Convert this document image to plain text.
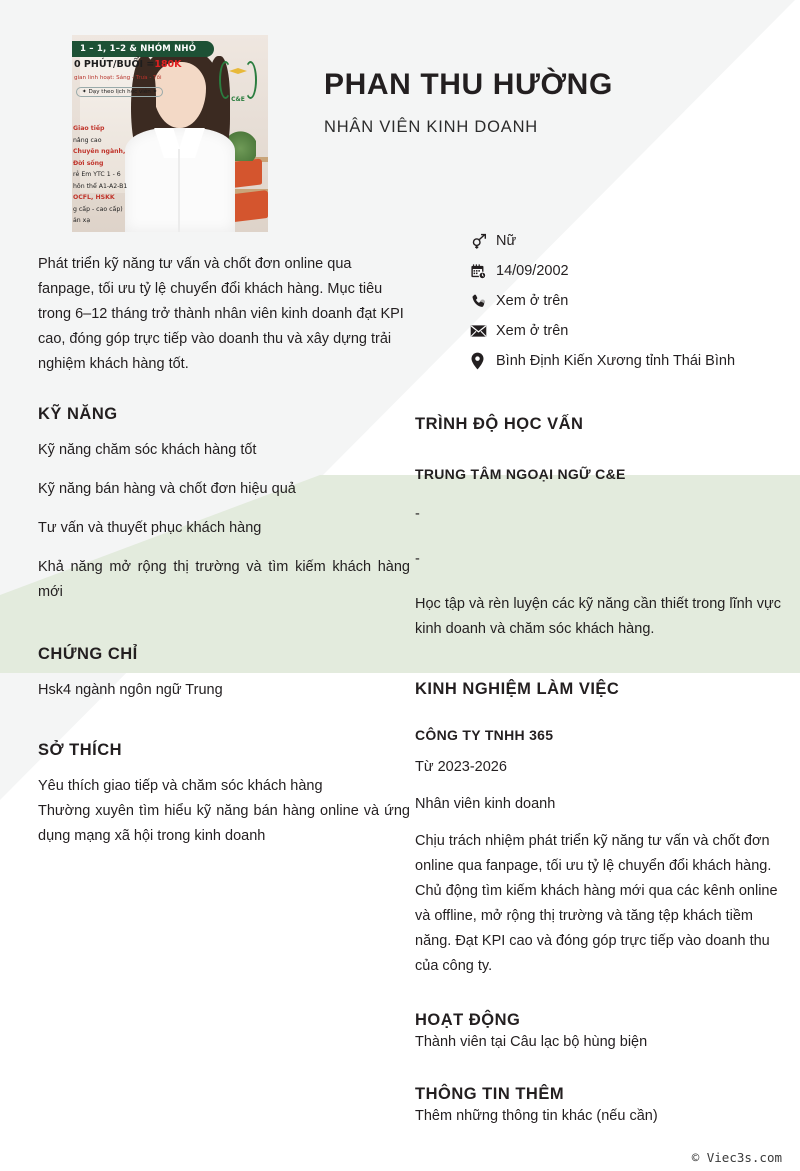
1 – 1, 1–2 & NHÓM NHỎ
0 PHÚT/BUỔI =180K
gian linh hoạt: Sáng - Trưa - Tối
✦ Dạy theo lịch học viên ✦
Giao tiếp
nâng cao
Chuyên ngành,
Đời sống
rẻ Em YTC 1 - 6
hôn thể A1-A2-B1
OCFL, HSKK
g cấp - cao cấp)
ản xạ
C&E	PHAN THU HƯỜNG
NHÂN VIÊN KINH DOANH
Nữ
14/09/2002
Xem ở trên
Xem ở trên
Bình Định Kiến Xương tỉnh Thái Bình
Phát triển kỹ năng tư vấn và chốt đơn online qua fanpage, tối ưu tỷ lệ chuyển đổi khách hàng. Mục tiêu trong 6–12 tháng trở thành nhân viên kinh doanh đạt KPI cao, đóng góp trực tiếp vào doanh thu và xây dựng trải nghiệm khách hàng tốt.
KỸ NĂNG
Kỹ năng chăm sóc khách hàng tốt
Kỹ năng bán hàng và chốt đơn hiệu quả
Tư vấn và thuyết phục khách hàng
Khả năng mở rộng thị trường và tìm kiếm khách hàng mới
CHỨNG CHỈ
Hsk4 ngành ngôn ngữ Trung
SỞ THÍCH
Yêu thích giao tiếp và chăm sóc khách hàng
Thường xuyên tìm hiểu kỹ năng bán hàng online và ứng dụng mạng xã hội trong kinh doanh
TRÌNH ĐỘ HỌC VẤN
TRUNG TÂM NGOẠI NGỮ C&E
-
-
Học tập và rèn luyện các kỹ năng cần thiết trong lĩnh vực kinh doanh và chăm sóc khách hàng.
KINH NGHIỆM LÀM VIỆC
CÔNG TY TNHH 365
Từ 2023-2026
Nhân viên kinh doanh
Chịu trách nhiệm phát triển kỹ năng tư vấn và chốt đơn online qua fanpage, tối ưu tỷ lệ chuyển đổi khách hàng. Chủ động tìm kiếm khách hàng mới qua các kênh online và offline, mở rộng thị trường và tăng tệp khách tiềm năng. Đạt KPI cao và đóng góp trực tiếp vào doanh thu của công ty.
HOẠT ĐỘNG
Thành viên tại Câu lạc bộ hùng biện
THÔNG TIN THÊM
Thêm những thông tin khác (nếu cần)
© Viec3s.com
